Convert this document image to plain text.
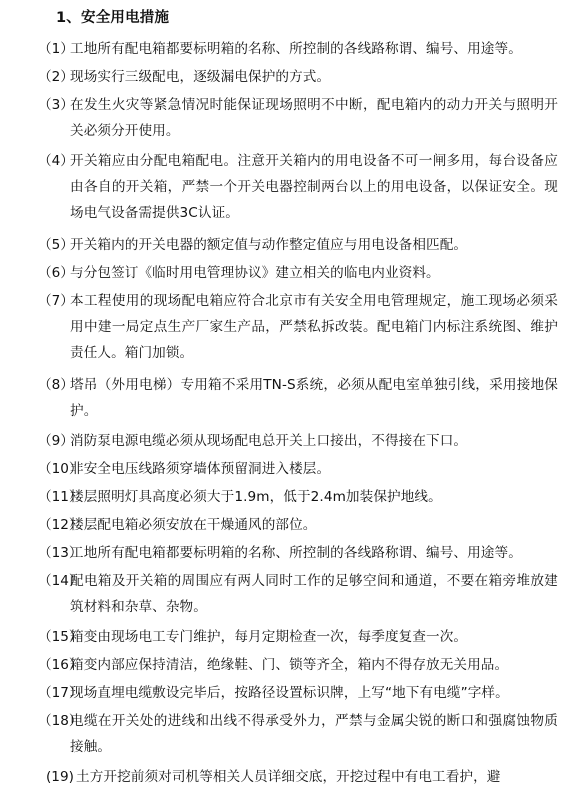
1、安全用电措施
（1）
工地所有配电箱都要标明箱的名称、所控制的各线路称谓、编号、用途等。
（2）
现场实行三级配电，逐级漏电保护的方式。
（3）
在发生火灾等紧急情况时能保证现场照明不中断，配电箱内的动力开关与照明开关必须分开使用。
（4）
开关箱应由分配电箱配电。注意开关箱内的用电设备不可一闸多用，每台设备应由各自的开关箱，严禁一个开关电器控制两台以上的用电设备，以保证安全。现场电气设备需提供3C认证。
（5）
开关箱内的开关电器的额定值与动作整定值应与用电设备相匹配。
（6）
与分包签订《临时用电管理协议》建立相关的临电内业资料。
（7）
本工程使用的现场配电箱应符合北京市有关安全用电管理规定，施工现场必须采用中建一局定点生产厂家生产品，严禁私拆改装。配电箱门内标注系统图、维护责任人。箱门加锁。
（8）
塔吊（外用电梯）专用箱不采用TN-S系统，必须从配电室单独引线，采用接地保护。
（9）
消防泵电源电缆必须从现场配电总开关上口接出，不得接在下口。
（10）
非安全电压线路须穿墙体预留洞进入楼层。
（11）
楼层照明灯具高度必须大于1.9m，低于2.4m加装保护地线。
（12）
楼层配电箱必须安放在干燥通风的部位。
（13）
工地所有配电箱都要标明箱的名称、所控制的各线路称谓、编号、用途等。
（14）
配电箱及开关箱的周围应有两人同时工作的足够空间和通道，不要在箱旁堆放建筑材料和杂草、杂物。
（15）
箱变由现场电工专门维护，每月定期检查一次，每季度复查一次。
（16）
箱变内部应保持清洁，绝缘鞋、门、锁等齐全，箱内不得存放无关用品。
（17）
现场直埋电缆敷设完毕后，按路径设置标识牌，上写“地下有电缆”字样。
（18）
电缆在开关处的进线和出线不得承受外力，严禁与金属尖锐的断口和强腐蚀物质接触。
(19) 土方开挖前须对司机等相关人员详细交底，开挖过程中有电工看护，避
